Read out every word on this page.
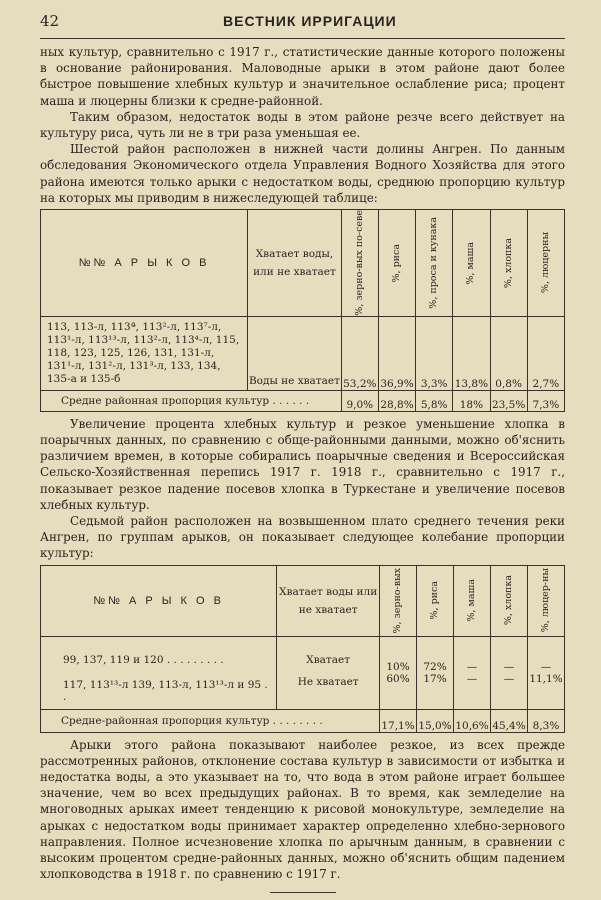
42	ВЕСТНИК ИРРИГАЦИИ

ных культур, сравнительно с 1917 г., статистические данные которого положены в основание районирования. Маловодные арыки в этом районе дают более быстрое повышение хлебных культур и значительное ослабление риса; процент маша и люцерны близки к средне-районной.

Таким образом, недостаток воды в этом районе резче всего действует на культуру риса, чуть ли не в три раза уменьшая ее.

Шестой район расположен в нижней части долины Ангрен. По данным обследования Экономического отдела Управления Водного Хозяйства для этого района имеются только арыки с недостатком воды, среднюю пропорцию культур на которых мы приводим в нижеследующей таблице:

№№ А Р Ы К О В	Хватает воды, или не хватает	%, зерно-вых по-севе	%, риса	%, проса и кунака	%, маша	%, хлопка	%, люцерны

113, 113-л, 113ª, 113²-л, 113⁷-л, 113¹-л, 113¹³-л, 113²-л, 113⁴-л, 115, 118, 123, 125, 126, 131, 131-л, 131¹-л, 131²-л, 131³-л, 133, 134, 135-а и 135-б	Воды не хватает	53,2%	36,9%	3,3%	13,8%	0,8%	2,7%
Средне районная пропорция культур . . . . . .		9,0%	28,8%	5,8%	18%	23,5%	7,3%

Увеличение процента хлебных культур и резкое уменьшение хлопка в поарычных данных, по сравнению с обще-районными данными, можно об'яснить различием времен, в которые собирались поарычные сведения и Всероссийская Сельско-Хозяйственная перепись 1917 г. 1918 г., сравнительно с 1917 г., показывает резкое падение посевов хлопка в Туркестане и увеличение посевов хлебных культур.

Седьмой район расположен на возвышенном плато среднего течения реки Ангрен, по группам арыков, он показывает следующее колебание пропорции культур:

№№ А Р Ы К О В	Хватает воды или не хватает	%, зерно-вых	%, риса	%, маша	%, хлопка	%, люцер-ны

99, 137, 119 и 120 . . . . . . . . .	Хватает	10%	72%	—	—	—
117, 113¹³-л 139, 113-л, 113¹³-л и 95 . .	Не хватает	60%	17%	—	—	11,1%
Средне-районная пропорция культур . . . . . . . .		17,1%	15,0%	10,6%	45,4%	8,3%

Арыки этого района показывают наиболее резкое, из всех прежде рассмотренных районов, отклонение состава культур в зависимости от избытка и недостатка воды, а это указывает на то, что вода в этом районе играет большее значение, чем во всех предыдущих районах. В то время, как земледелие на многоводных арыках имеет тенденцию к рисовой монокультуре, земледелие на арыках с недостатком воды принимает характер определенно хлебно-зернового направления. Полное исчезновение хлопка по арычным данным, в сравнении с высоким процентом средне-районных данных, можно об'яснить общим падением хлопководства в 1918 г. по сравнению с 1917 г.
